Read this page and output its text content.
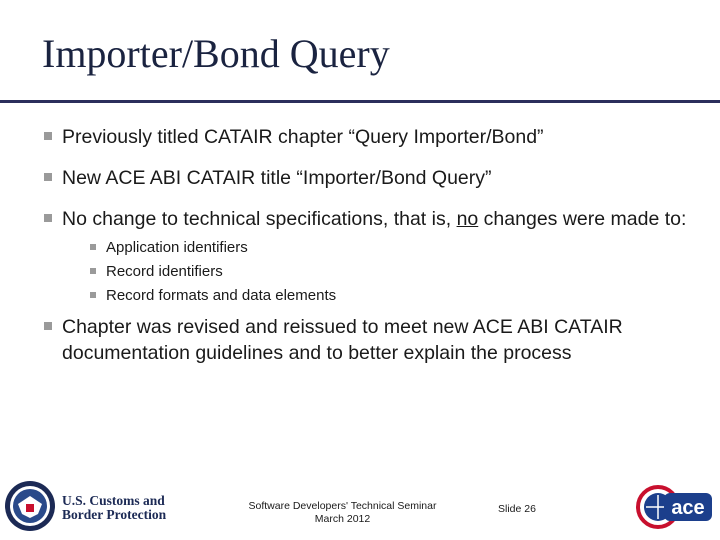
Importer/Bond Query
Previously titled CATAIR chapter “Query Importer/Bond”
New ACE ABI CATAIR title “Importer/Bond Query”
No change to technical specifications, that is, no changes were made to:
Application identifiers
Record identifiers
Record formats and data elements
Chapter was revised and reissued to meet new ACE ABI CATAIR documentation guidelines and to better explain the process
U.S. Customs and
Border Protection
Software Developers' Technical Seminar
March 2012
Slide 26	ace
